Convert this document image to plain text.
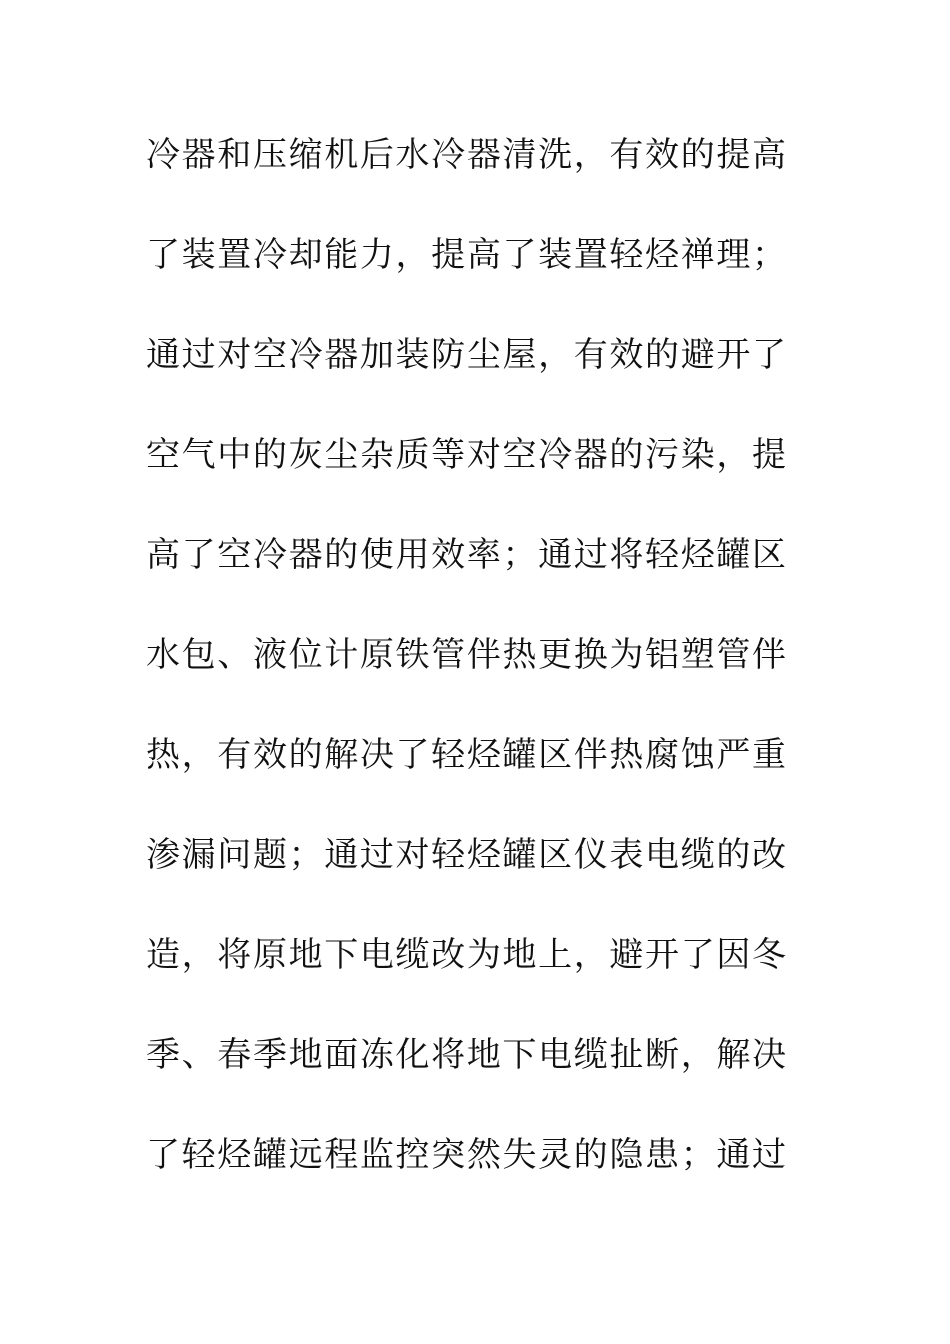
冷器和压缩机后水冷器清洗，有效的提高
了装置冷却能力，提高了装置轻烃禅理；
通过对空冷器加装防尘屋，有效的避开了
空气中的灰尘杂质等对空冷器的污染，提
高了空冷器的使用效率；通过将轻烃罐区
水包、液位计原铁管伴热更换为铝塑管伴
热，有效的解决了轻烃罐区伴热腐蚀严重
渗漏问题；通过对轻烃罐区仪表电缆的改
造，将原地下电缆改为地上，避开了因冬
季、春季地面冻化将地下电缆扯断，解决
了轻烃罐远程监控突然失灵的隐患；通过
